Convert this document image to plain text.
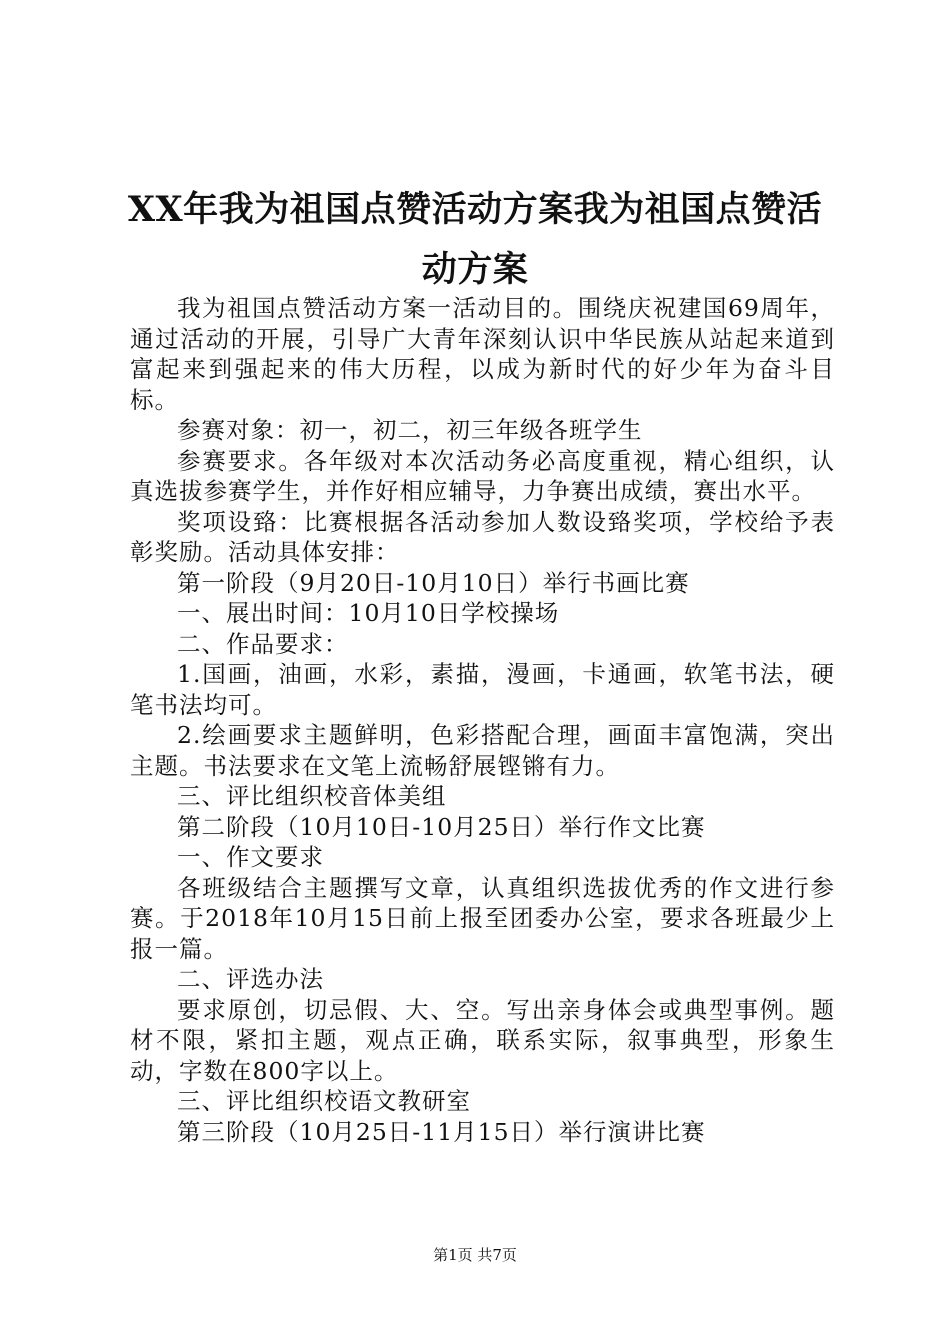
XX年我为祖国点赞活动方案我为祖国点赞活动方案

我为祖国点赞活动方案一活动目的。围绕庆祝建国69周年，通过活动的开展，引导广大青年深刻认识中华民族从站起来道到富起来到强起来的伟大历程，以成为新时代的好少年为奋斗目标。

参赛对象：初一，初二，初三年级各班学生

参赛要求。各年级对本次活动务必高度重视，精心组织，认真选拔参赛学生，并作好相应辅导，力争赛出成绩，赛出水平。

奖项设臵：比赛根据各活动参加人数设臵奖项，学校给予表彰奖励。活动具体安排：

第一阶段（9月20日-10月10日）举行书画比赛

一、展出时间：10月10日学校操场

二、作品要求：

1.国画，油画，水彩，素描，漫画，卡通画，软笔书法，硬笔书法均可。

2.绘画要求主题鲜明，色彩搭配合理，画面丰富饱满，突出主题。书法要求在文笔上流畅舒展铿锵有力。

三、评比组织校音体美组

第二阶段（10月10日-10月25日）举行作文比赛

一、作文要求

各班级结合主题撰写文章，认真组织选拔优秀的作文进行参赛。于2018年10月15日前上报至团委办公室，要求各班最少上报一篇。

二、评选办法

要求原创，切忌假、大、空。写出亲身体会或典型事例。题材不限，紧扣主题，观点正确，联系实际，叙事典型，形象生动，字数在800字以上。

三、评比组织校语文教研室

第三阶段（10月25日-11月15日）举行演讲比赛

第1页 共7页
